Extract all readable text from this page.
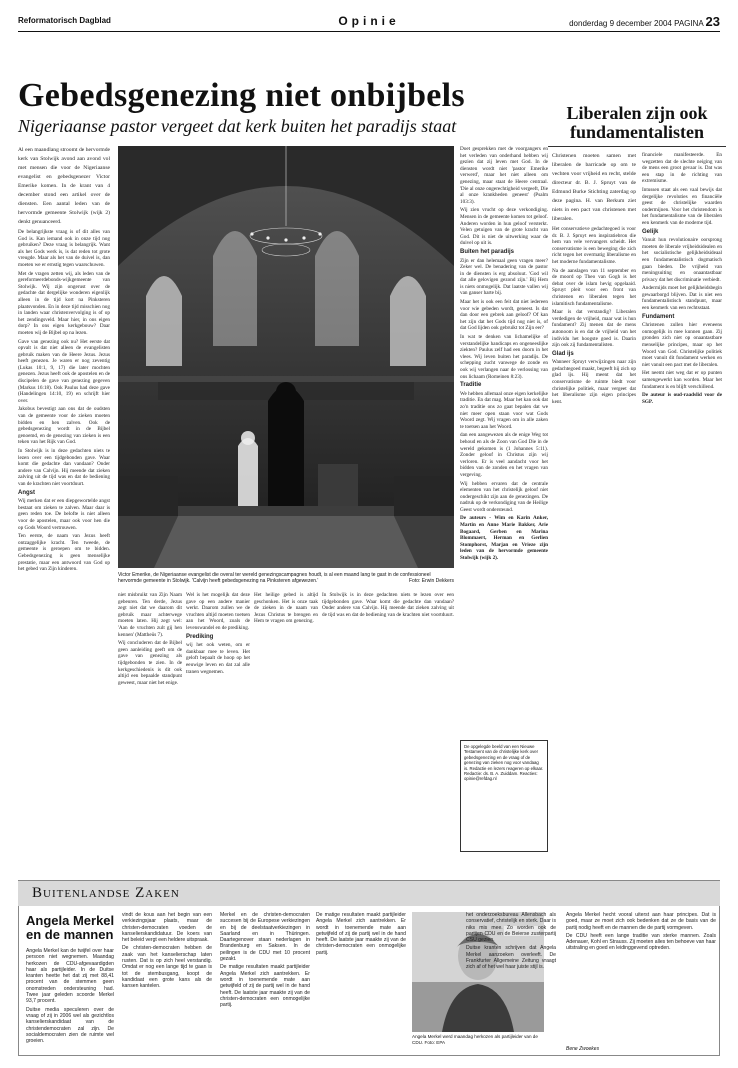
Reformatorisch Dagblad	Opinie	donderdag 9 december 2004 PAGINA 23
Gebedsgenezing niet onbijbels
Nigeriaanse pastor vergeet dat kerk buiten het paradijs staat

Al een maandlang stroomt de hervormde kerk van Stolwijk avond aan avond vol met mensen die voor de Nigeriaanse evangelist en gebedsgenezer Victor Emerike komen. In de krant van 4 december stond een artikel over de diensten. Een aantal leden van de hervormde gemeente Stolwijk (wijk 2) denkt genuanceerd.

De belangrijkste vraag is of dit alles van God is. Kan iemand ook in onze tijd nog gebruiken? Deze vraag is belangrijk. Want als het Gods werk is, is dat reden tot grote vreugde. Maar als het van de duivel is, dan moeten we er ernstig tegen waarschuwen.

Met de vragen zetten wij, als leden van de gereformeerdebonds-wijkgemeente van Stolwijk. Wij zijn ongerust over de gedachte dat dergelijke wonderen eigenlijk alleen in de tijd kort na Pinksteren plaatsvonden. En in deze tijd misschien nog in landen waar christenvervolging is of op het zendingsveld. Maar hier, in ons eigen dorp? In ons eigen kerkgebouw? Daar moeten wij de Bijbel op na lezen.

Gave van genezing ook nu? Het eerste dat opvalt is dat niet alleen de evangelisten gebruik maken van de Heere Jezus. Jezus heeft genezen. Je waren er nog zeventig (Lukas 10:1, 9, 17) die later mochten genezen. Jezus heeft ook de apostelen en de discipelen de gave van genezing gegeven (Markus 16:18). Ook Paulus had deze gave (Handelingen 14:10, 19) en schrijft hier over.

Jakobus bevestigt aan ons dat de oudsten van de gemeente voor de zieken moeten bidden en hen zalven. Ook de gebedsgenezing wordt in de Bijbel genoemd, en de genezing van zieken is een teken van het Rijk van God.

In Stolwijk is in deze gedachten niets te lezen over een tijdgebonden gave. Waar komt die gedachte dan vandaan? Onder andere van Calvijn. Hij meende dat zieken zalving uit de tijd was en dat de bediening van de krachten niet voortduurt.

Angst

Wij merken dat er een diepgewortelde angst bestaat om zieken te zalven. Maar daar is geen reden toe. De belofte is niet alleen voor de apostelen, maar ook voor hen die op Gods Woord vertrouwen.

Ten eerste, de naam van Jezus heeft ontzaggelijke kracht. Ten tweede, de gemeente is geroepen om te bidden. Gebedsgenezing is geen menselijke prestatie, maar een antwoord van God op het gebed van Zijn kinderen.

Victor Emerike, de Nigeriaanse evangelist die overal ter wereld genezingscampagnes houdt, is al een maand lang te gast in de confessioneel hervormde gemeente in Stolwijk. 'Calvijn heeft gebedsgenezing na Pinksteren afgewezen.'	Foto: Erwin Dekkers

Doet gesprekken met de voorgangers en het verleden van onderhand hebben wij gezien dat zij leven met God. In de diensten wordt niet 'pastor Emerike verwerd', maar het niet alleen om genezing, maar staat de Heere centraal. 'Die al onze ongerechtigheid vergeeft, Die al onze krankheden geneest' (Psalm 103:3).

Wij zien vrucht op deze verkondiging. Mensen in de gemeente komen tot geloof. Anderen worden in hun geloof versterkt. Velen getuigen van de grote kracht van God. Dit is niet de uitwerking waar de duivel op uit is.

Buiten het paradijs

Zijn er dan helemaal geen vragen meer? Zeker wel. De benadering van de pastor in de diensten is erg absoluut. 'God wil dat alle gelovigen gezond zijn.' Bij Hem is niets onmogelijk. Dat laatste vallen wij van ganser harte bij.

Maar het is ook een feit dat niet iedereen voor wie gebeden wordt, geneest. Is dat dan door een gebrek aan geloof? Of kan het zijn dat het Gods tijd nog niet is, of dat God lijden ook gebruikt tot Zijn eer?

In wat te denken van lichamelijke of verstandelijke handicaps en ongeneeslijke ziekten? Paulus zelf had een doorn in het vlees. Wij leven buiten het paradijs. De schepping zucht vanwege de zonde en ook wij verlangen naar de verlossing van ons lichaam (Romeinen 8:23).

Traditie

We hebben allemaal onze eigen kerkelijke traditie. En dat mag. Maar het kan ook dat zo'n traditie ons zo gaat bepalen dat we niet meer open staan voor wat Gods Woord zegt. Wij vragen om in alle zaken te toetsen aan het Woord.

dan een aangewezen als de enige Weg tot behoud en als de Zoon van God Die in de wereld gekomen is (1 Johannes 5:11). Zonder geloof in Christus zijn wij verloren. Er is veel aandacht voor het bidden van de zonden en het vragen van vergeving.

Wij hebben ervaren dat de centrale elementen van het christelijk geloof niet ondergeschikt zijn aan de genezingen. De nadruk op de verkondiging van de Heilige Geest wordt ondersteund.

De auteurs - Wim en Karin Anker, Martin en Anne Marie Bakker, Arie Bogaard, Gerben en Marina Blommaert, Herman en Gerlien Stomphorst, Marjan en Vrieze zijn leden van de hervormde gemeente Stolwijk (wijk 2).

De opgelegde beeld van een Nieuwe Testament van de christelijke kerk over gebedsgenezing en de vraag of de genezing van zieken nog voor vandaag is. Redactie en lezers reageren op elkaar. Redactie: ds. B. A. Zuiddam. Reacties: opinie@refdag.nl

niet misbruikt van Zijn Naam gebeuren. Ten derde, Jezus zegt niet dat we daarom dit gebruik maar achterwege moeten laten. Hij zegt wel: 'Aan de vruchten zult gij hen kennen' (Mattheüs 7).

Wij concluderen dat de Bijbel geen aanleiding geeft om de gave van genezing als tijdgebonden te zien. In de kerkgeschiedenis is dit ook altijd een bepaalde standpunt geweest, maar niet het enige.

Wel is het mogelijk dat deze gave op een andere manier werkt. Daarom zullen we de vruchten altijd moeten toetsen aan het Woord, zoals de levenswandel en de prediking.

Prediking

wij het ook weten, om er dankbaar mee te leven. Het geloft bepaalt de hoop op het eeuwige leven en dat zal alle tranen wegnemen.

Het heilige gebed is altijd geschonken. Het is onze taak de zieken in de naam van Jezus Christus te brengen en Hem te vragen om genezing.

In Stolwijk is in deze gedachten niets te lezen over een tijdgebonden gave. Waar komt die gedachte dan vandaan? Onder andere van Calvijn. Hij meende dat zieken zalving uit de tijd was en dat de bediening van de krachten niet voortduurt.

Liberalen zijn ook fundamentalisten

Christenen moeten samen met liberalen de barricade op om te vechten voor vrijheid en recht, stelde directeur dr. B. J. Spruyt van de Edmund Burke Stichting zaterdag op deze pagina. H. van Berkum ziet niets in een pact van christenen met liberalen.

Het conservatieve gedachtegoed is voor dr. B. J. Spruyt een inspiratiebron die hem van vele vervangers scheidt. Het conservatisme is een beweging die zich richt tegen het overmatig liberalisme en het moderne fundamentalisme.

Na de aanslagen van 11 september en de moord op Theo van Gogh is het debat over de islam hevig opgelaaid. Spruyt pleit voor een front van christenen en liberalen tegen het islamitisch fundamentalisme.

Maar is dat verstandig? Liberalen verdedigen de vrijheid, maar wat is hun fundament? Zij menen dat de mens autonoom is en dat de vrijheid van het individu het hoogste goed is. Daarin zijn ook zij fundamentalisten.

Glad ijs

Wanneer Spruyt verwijzingen naar zijn gedachtegoed maakt, begeeft hij zich op glad ijs. Hij meent dat het conservatisme de ruimte biedt voor christelijke politiek, maar vergeet dat het liberalisme zijn eigen principes kent.

financiele manifesteerde. En wegzetten dat de slechte neiging van de mens een groot gevaar is. Dat was een stap in de richting van extremisme.

Intussen staat als een vaal bewijs dat dergelijke revoluties en financiële geest de christelijke waarden ondermijnen. Voor het christendom is het fundamentalisme van de liberalen een kenmerk van de moderne tijd.

Gelijk

Vanuit hun revolutionaire oorsprong moeten de liberale vrijheidsidealen en het socialistische gelijkheidsideaal een fundamentalistisch dogmatisch gaan bieden. De vrijheid van meningsuiting en onaantastbaar privacy dat het discriminatie verbiedt.

Andermijds moet het gelijkheidsbegin gewaarborgd blijven. Dat is niet een fundamentalistisch standpunt, maar een kenmerk van een rechtsstaat.

Fundament

Christenen zullen hier eveneens onmogelijk in mee kunnen gaan. Zij gronden zich niet op onaantastbare menselijke principes, maar op het Woord van God. Christelijke politiek moet vanuit dit fundament werken en niet vanuit een pact met de liberalen.

Het neemt niet weg dat er op punten samengewerkt kan worden. Maar het fundament is en blijft verschillend.

De auteur is oud-raadslid voor de SGP.

Buitenlandse Zaken
Angela Merkel en de mannen

Angela Merkel kan de twijfel over haar persoon niet wegnemen. Maandag herkozen de CDU-afgevaardigden haar als partijleider. In de Duitse kranten heette het dat zij met 88,41 procent van de stemmen geen onomstreden ondersteuning had. Twee jaar geleden scoorde Merkel 93,7 procent.

Duitse media speculeren over de vraag of zij in 2006 wel als gezichtlos kanselierskandidaat van de christendemocraten zal zijn. De socialdemocraten zien de ruimte wel groeien.

vindt de kous aan het begin van een verkiezingsjaar plaats, maar de christen-democraten voeden de kanselierskandidatuur. De koers van het beleid vergt een heldere uitspraak.

De christen-democraten hebben de zaak van het kanselierschap laten rusten. Dat is op zich heel verstandig. Omdat er nog een lange tijd te gaan is tot de stembusgang, koopt de kandidaat een grote kans als de kansen kantelen.

Merkel en de christen-democraten succesen bij de Europese verkiezingen en bij de deelstaatverkiezingen in Saarland en in Thüringen. Daartegenover staan nederlagen in Brandenburg en Saksen. In de peilingen is de CDU met 10 procent gezakt.

De matige resultaten maakt partijleider Angela Merkel zich aantrekken. Er wordt in toenemende mate aan getwijfeld of zij de partij wel in de hand heeft. De laatste jaar maakte zij van de christen-democraten een onmogelijke partij.

De matige resultaten maakt partijleider Angela Merkel zich aantrekken. Er wordt in toenemende mate aan getwijfeld of zij de partij wel in de hand heeft. De laatste jaar maakte zij van de christen-democraten een onmogelijke partij.

Angela Merkel werd maandag herkozen als partijleider van de CDU. Foto: EPA

het onderzoeksbureau Allensbach als conservatief, christelijk en sterk. Daar is niks mis mee. Zo worden ook de partijen CDU en de Beierse zusterpartij CSU gezien.

Duitse kranten schrijven dat Angela Merkel aanzoeken overleeft. De Frankfurter Allgemeine Zeitung vraagt zich af of het wel haar juiste stijl is.

Angela Merkel hecht vooral uiterst aan haar principes. Dat is goed, maar ze moet zich ook bedenken dat ze de basis van de partij nodig heeft en de mannen die de partij vormgeven.

De CDU heeft een lange traditie van sterke mannen. Zoals Adenauer, Kohl en Strauss. Zij moeten alles ten behoeve van haar uitstraling en goed en leidinggevend optreden.

Bene Zwoekes
